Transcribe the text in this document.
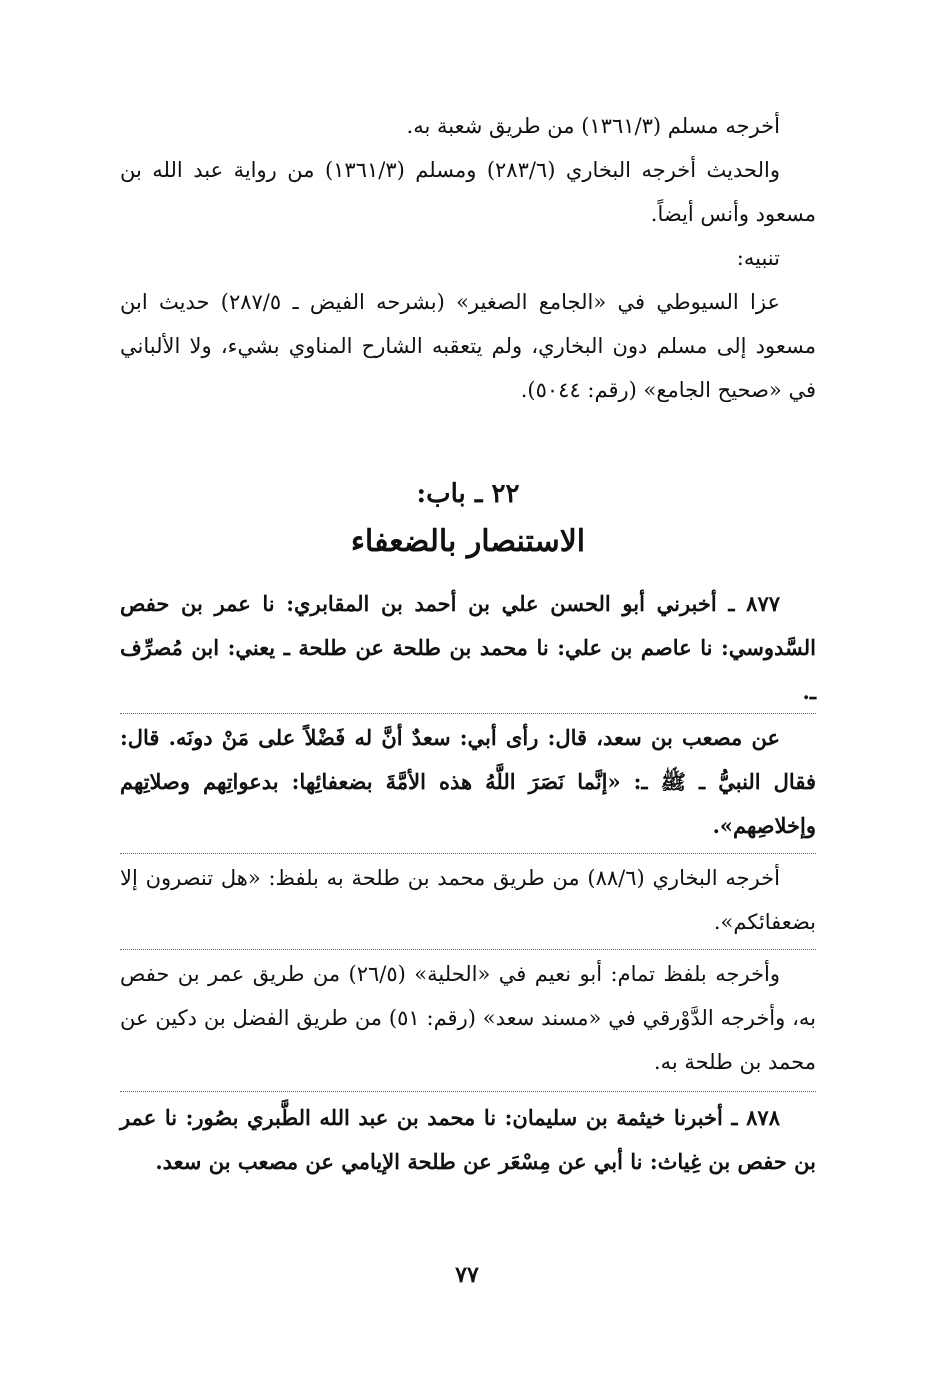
أخرجه مسلم (١٣٦١/٣) من طريق شعبة به.

والحديث أخرجه البخاري (٢٨٣/٦) ومسلم (١٣٦١/٣) من رواية عبد الله بن مسعود وأنس أيضاً.

تنبيه:

عزا السيوطي في «الجامع الصغير» (بشرحه الفيض ـ ٢٨٧/٥) حديث ابن مسعود إلى مسلم دون البخاري، ولم يتعقبه الشارح المناوي بشيء، ولا الألباني في «صحيح الجامع» (رقم: ٥٠٤٤).

٢٢ ـ باب:
الاستنصار بالضعفاء

٨٧٧ ـ أخبرني أبو الحسن علي بن أحمد بن المقابري: نا عمر بن حفص السَّدوسي: نا عاصم بن علي: نا محمد بن طلحة عن طلحة ـ يعني: ابن مُصرِّف ـ.

عن مصعب بن سعد، قال: رأى أبي: سعدٌ أنَّ له فَضْلاً على مَنْ دونَه. قال: فقال النبيُّ ـ ﷺ ـ: «إنَّما نَصَرَ اللَّهُ هذه الأمَّةَ بضعفائِها: بدعواتِهم وصلاتِهم وإخلاصِهم».

أخرجه البخاري (٨٨/٦) من طريق محمد بن طلحة به بلفظ: «هل تنصرون إلا بضعفائكم».

وأخرجه بلفظ تمام: أبو نعيم في «الحلية» (٢٦/٥) من طريق عمر بن حفص به، وأخرجه الدَّوْرقي في «مسند سعد» (رقم: ٥١) من طريق الفضل بن دكين عن محمد بن طلحة به.

٨٧٨ ـ أخبرنا خيثمة بن سليمان: نا محمد بن عبد الله الطَّبري بصُور: نا عمر بن حفص بن غِياث: نا أبي عن مِسْعَر عن طلحة الإيامي عن مصعب بن سعد.

٧٧
